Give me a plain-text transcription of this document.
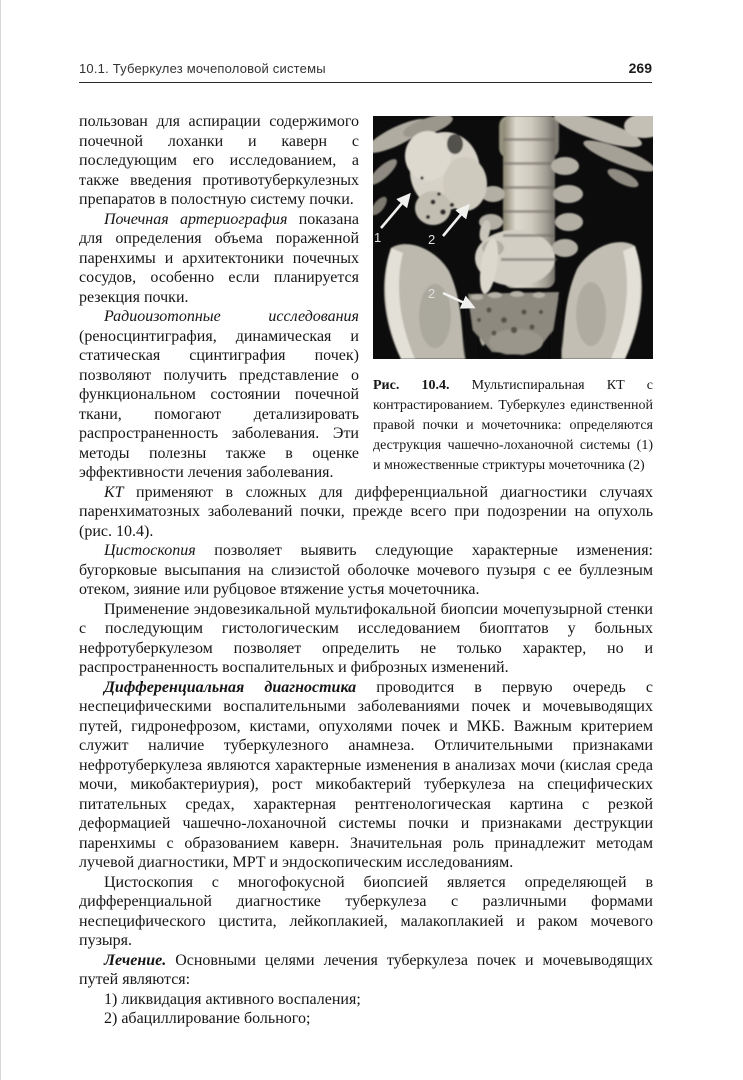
10.1. Туберкулез мочеполовой системы	269
1	2
2
Рис. 10.4. Мультиспиральная КТ с контрастированием. Туберкулез единственной правой почки и мочеточника: определяются деструкция чашечно-лоханочной системы (1) и множественные стриктуры мочеточника (2)

пользован для аспирации содержимого почечной лоханки и каверн с последующим его исследованием, а также введения противотуберкулезных препаратов в полостную систему почки.

Почечная артериография показана для определения объема пораженной паренхимы и архитектоники почечных сосудов, особенно если планируется резекция почки.

Радиоизотопные исследования (реносцинтиграфия, динамическая и статическая сцинтиграфия почек) позволяют получить представление о функциональном состоянии почечной ткани, помогают детализировать распространенность заболевания. Эти методы полезны также в оценке эффективности лечения заболевания.

КТ применяют в сложных для дифференциальной диагностики случаях паренхиматозных заболеваний почки, прежде всего при подозрении на опухоль (рис. 10.4).

Цистоскопия позволяет выявить следующие характерные изменения: бугорковые высыпания на слизистой оболочке мочевого пузыря с ее буллезным отеком, зияние или рубцовое втяжение устья мочеточника.

Применение эндовезикальной мультифокальной биопсии мочепузырной стенки с последующим гистологическим исследованием биоптатов у больных нефротуберкулезом позволяет определить не только характер, но и распространенность воспалительных и фиброзных изменений.

Дифференциальная диагностика проводится в первую очередь с неспецифическими воспалительными заболеваниями почек и мочевыводящих путей, гидронефрозом, кистами, опухолями почек и МКБ. Важным критерием служит наличие туберкулезного анамнеза. Отличительными признаками нефротуберкулеза являются характерные изменения в анализах мочи (кислая среда мочи, микобактериурия), рост микобактерий туберкулеза на специфических питательных средах, характерная рентгенологическая картина с резкой деформацией чашечно-лоханочной системы почки и признаками деструкции паренхимы с образованием каверн. Значительная роль принадлежит методам лучевой диагностики, МРТ и эндоскопическим исследованиям.

Цистоскопия с многофокусной биопсией является определяющей в дифференциальной диагностике туберкулеза с различными формами неспецифического цистита, лейкоплакией, малакоплакией и раком мочевого пузыря.

Лечение. Основными целями лечения туберкулеза почек и мочевыводящих путей являются:

1) ликвидация активного воспаления;

2) абациллирование больного;
